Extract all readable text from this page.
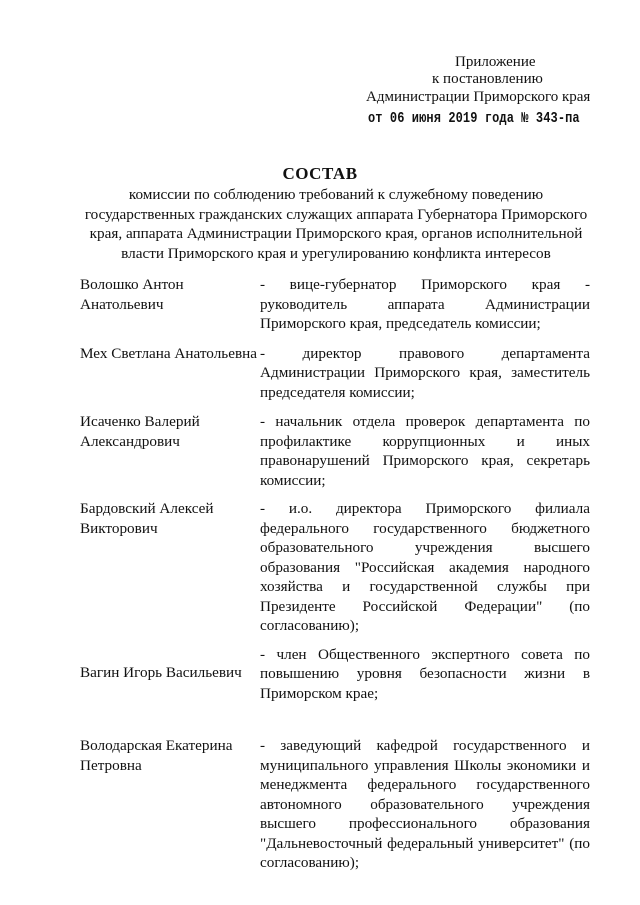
Приложение
к постановлению
Администрации Приморского края
от 06 июня 2019 года № 343-па
СОСТАВ
комиссии по соблюдению требований к служебному поведению государственных гражданских служащих аппарата Губернатора Приморского края, аппарата Администрации Приморского края, органов исполнительной власти Приморского края и урегулированию конфликта интересов
Волошко Антон Анатольевич
- вице-губернатор Приморского края - руководитель аппарата Администрации Приморского края, председатель комиссии;
Мех Светлана Анатольевна - директор правового департамента Администрации Приморского края, заместитель председателя комиссии;
Исаченко Валерий Александрович
- начальник отдела проверок департамента по профилактике коррупционных и иных правонарушений Приморского края, секретарь комиссии;
Бардовский Алексей Викторович
- и.о. директора Приморского филиала федерального государственного бюджетного образовательного учреждения высшего образования "Российская академия народного хозяйства и государственной службы при Президенте Российской Федерации" (по согласованию);
Вагин Игорь Васильевич
- член Общественного экспертного совета по повышению уровня безопасности жизни в Приморском крае;
Володарская Екатерина Петровна
- заведующий кафедрой государственного и муниципального управления Школы экономики и менеджмента федерального государственного автономного образовательного учреждения высшего профессионального образования "Дальневосточный федеральный университет" (по согласованию);
